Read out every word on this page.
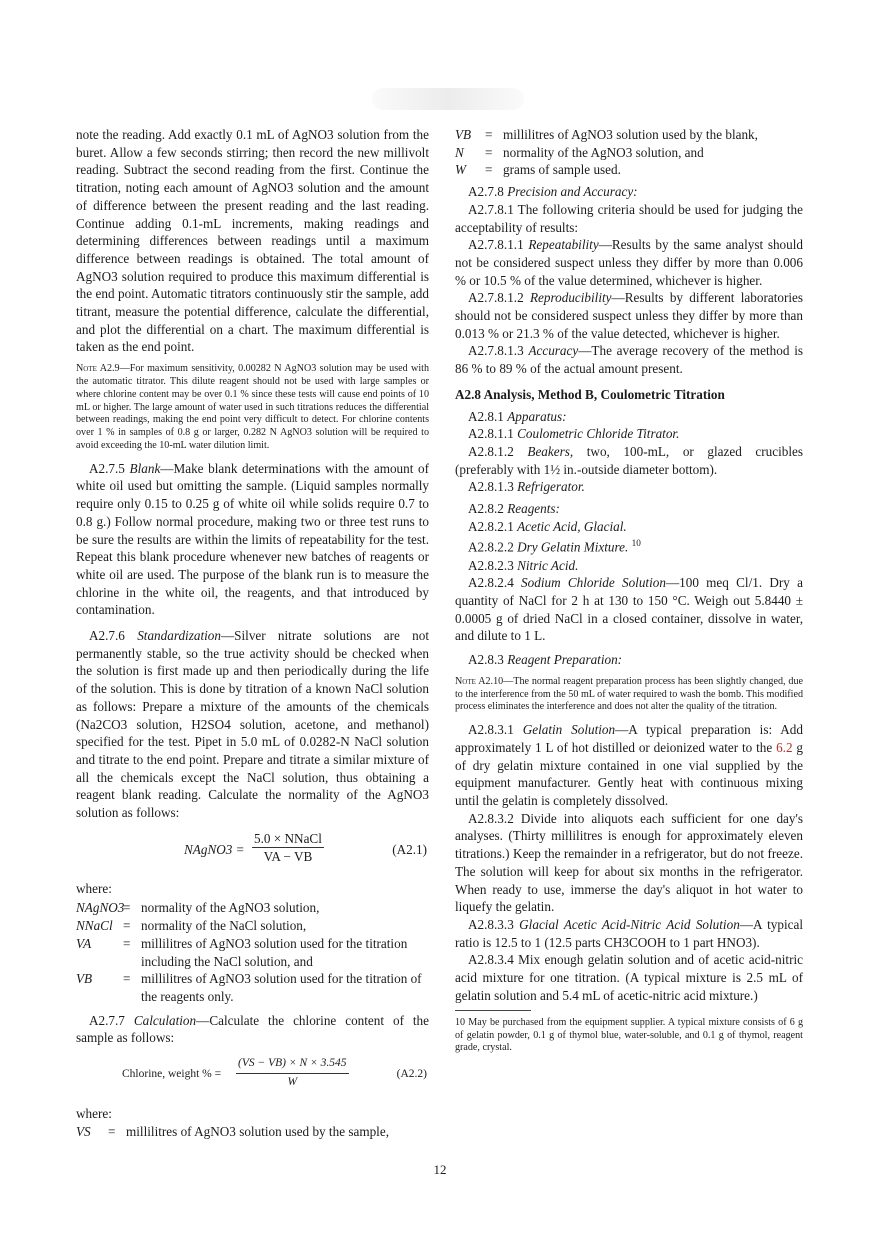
note the reading. Add exactly 0.1 mL of AgNO3 solution from the buret. Allow a few seconds stirring; then record the new millivolt reading. Subtract the second reading from the first. Continue the titration, noting each amount of AgNO3 solution and the amount of difference between the present reading and the last reading. Continue adding 0.1-mL increments, making readings and determining differences between readings until a maximum difference between readings is obtained. The total amount of AgNO3 solution required to produce this maximum differential is the end point. Automatic titrators continuously stir the sample, add titrant, measure the potential difference, calculate the differential, and plot the differential on a chart. The maximum differential is taken as the end point.

Note A2.9—For maximum sensitivity, 0.00282 N AgNO3 solution may be used with the automatic titrator. This dilute reagent should not be used with large samples or where chlorine content may be over 0.1 % since these tests will cause end points of 10 mL or higher. The large amount of water used in such titrations reduces the differential between readings, making the end point very difficult to detect. For chlorine contents over 1 % in samples of 0.8 g or larger, 0.282 N AgNO3 solution will be required to avoid exceeding the 10-mL water dilution limit.

A2.7.5 Blank—Make blank determinations with the amount of white oil used but omitting the sample. (Liquid samples normally require only 0.15 to 0.25 g of white oil while solids require 0.7 to 0.8 g.) Follow normal procedure, making two or three test runs to be sure the results are within the limits of repeatability for the test. Repeat this blank procedure whenever new batches of reagents or white oil are used. The purpose of the blank run is to measure the chlorine in the white oil, the reagents, and that introduced by contamination.

A2.7.6 Standardization—Silver nitrate solutions are not permanently stable, so the true activity should be checked when the solution is first made up and then periodically during the life of the solution. This is done by titration of a known NaCl solution as follows: Prepare a mixture of the amounts of the chemicals (Na2CO3 solution, H2SO4 solution, acetone, and methanol) specified for the test. Pipet in 5.0 mL of 0.0282-N NaCl solution and titrate to the end point. Prepare and titrate a similar mixture of all the chemicals except the NaCl solution, thus obtaining a reagent blank reading. Calculate the normality of the AgNO3 solution as follows:

NAgNO3 =
5.0 × NNaCl
VA − VB
(A2.1)

where:

NAgNO3
= normality of the AgNO3 solution,
NNaCl = normality of the NaCl solution,
VA	= millilitres of AgNO3 solution used for the titration including the NaCl solution, and
VB	= millilitres of AgNO3 solution used for the titration of the reagents only.

A2.7.7 Calculation—Calculate the chlorine content of the sample as follows:

Chlorine, weight % = $\frac{(VS - VB) \times N \times 3.545}{W}$	(A2.2)

where:

VS	= millilitres of AgNO3 solution used by the sample,
VB	= millilitres of AgNO3 solution used by the blank,
N	= normality of the AgNO3 solution, and
W	= grams of sample used.

A2.7.8 Precision and Accuracy:

A2.7.8.1 The following criteria should be used for judging the acceptability of results:

A2.7.8.1.1 Repeatability—Results by the same analyst should not be considered suspect unless they differ by more than 0.006 % or 10.5 % of the value determined, whichever is higher.

A2.7.8.1.2 Reproducibility—Results by different laboratories should not be considered suspect unless they differ by more than 0.013 % or 21.3 % of the value detected, whichever is higher.

A2.7.8.1.3 Accuracy—The average recovery of the method is 86 % to 89 % of the actual amount present.

A2.8 Analysis, Method B, Coulometric Titration

A2.8.1 Apparatus:

A2.8.1.1 Coulometric Chloride Titrator.

A2.8.1.2 Beakers, two, 100-mL, or glazed crucibles (preferably with 1½ in.-outside diameter bottom).

A2.8.1.3 Refrigerator.

A2.8.2 Reagents:

A2.8.2.1 Acetic Acid, Glacial.

A2.8.2.2 Dry Gelatin Mixture. $^{10}$

A2.8.2.3 Nitric Acid.

A2.8.2.4 Sodium Chloride Solution—100 meq Cl/1. Dry a quantity of NaCl for 2 h at 130 to 150 °C. Weigh out 5.8440 ± 0.0005 g of dried NaCl in a closed container, dissolve in water, and dilute to 1 L.

A2.8.3 Reagent Preparation:

Note A2.10—The normal reagent preparation process has been slightly changed, due to the interference from the 50 mL of water required to wash the bomb. This modified process eliminates the interference and does not alter the quality of the titration.

A2.8.3.1 Gelatin Solution—A typical preparation is: Add approximately 1 L of hot distilled or deionized water to the 6.2 g of dry gelatin mixture contained in one vial supplied by the equipment manufacturer. Gently heat with continuous mixing until the gelatin is completely dissolved.

A2.8.3.2 Divide into aliquots each sufficient for one day's analyses. (Thirty millilitres is enough for approximately eleven titrations.) Keep the remainder in a refrigerator, but do not freeze. The solution will keep for about six months in the refrigerator. When ready to use, immerse the day's aliquot in hot water to liquefy the gelatin.

A2.8.3.3 Glacial Acetic Acid-Nitric Acid Solution—A typical ratio is 12.5 to 1 (12.5 parts CH3COOH to 1 part HNO3).

A2.8.3.4 Mix enough gelatin solution and of acetic acid-nitric acid mixture for one titration. (A typical mixture is 2.5 mL of gelatin solution and 5.4 mL of acetic-nitric acid mixture.)

10 May be purchased from the equipment supplier. A typical mixture consists of 6 g of gelatin powder, 0.1 g of thymol blue, water-soluble, and 0.1 g of thymol, reagent grade, crystal.

12
